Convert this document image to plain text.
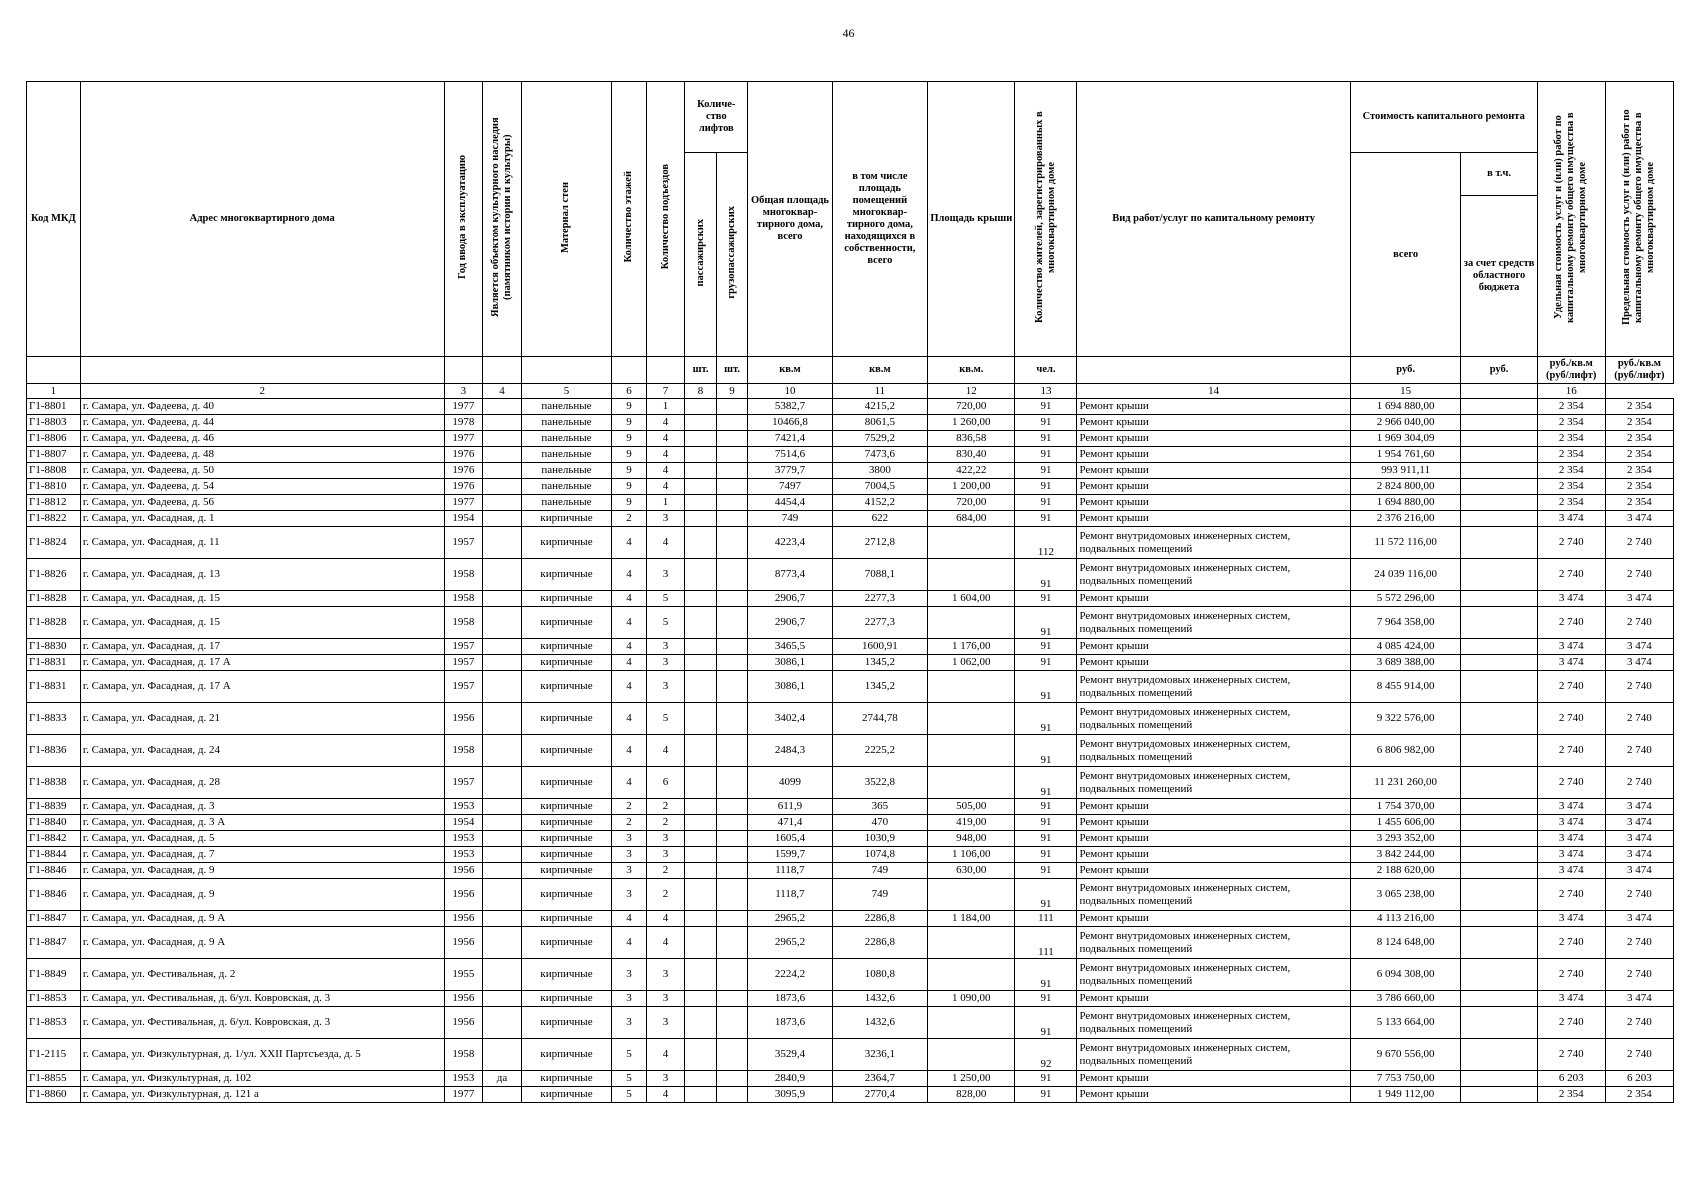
46
Код МКД	Адрес многоквартирного дома	Год ввода в эксплуатацию	Является объектом культурного наследия (памятником истории и культуры)	Материал стен	Количество этажей	Количество подъездов	Количе-ство лифтов		Общая площадь многоквар-тирного дома, всего	в том числе площадь помещений многоквар-тирного дома, находящихся в собственности, всего	Площадь крыши	Количество жителей, зарегистрированных в многоквартирном доме	Вид работ/услуг по капитальному ремонту	Стоимость капитального ремонта		Удельная стоимость услуг и (или) работ по капитальному ремонту общего имущества в многоквартирном доме	Предельная стоимость услуг и (или) работ по капитальному ремонту общего имущества в многоквартирном доме
							пассажирских	грузопассажирских						всего	в т.ч.		
															за счет средств областного бюджета		
							шт.	шт.	кв.м	кв.м	кв.м.	чел.		руб.	руб.	руб./кв.м (руб/лифт)	руб./кв.м (руб/лифт)
1	2	3	4	5	6	7	8	9	10	11	12	13	14	15		16	
Г1-8801	г. Самара, ул. Фадеева, д. 40	1977		панельные	9	1			5382,7	4215,2	720,00	91	Ремонт крыши	1 694 880,00		2 354	2 354
Г1-8803	г. Самара, ул. Фадеева, д. 44	1978		панельные	9	4			10466,8	8061,5	1 260,00	91	Ремонт крыши	2 966 040,00		2 354	2 354
Г1-8806	г. Самара, ул. Фадеева, д. 46	1977		панельные	9	4			7421,4	7529,2	836,58	91	Ремонт крыши	1 969 304,09		2 354	2 354
Г1-8807	г. Самара, ул. Фадеева, д. 48	1976		панельные	9	4			7514,6	7473,6	830,40	91	Ремонт крыши	1 954 761,60		2 354	2 354
Г1-8808	г. Самара, ул. Фадеева, д. 50	1976		панельные	9	4			3779,7	3800	422,22	91	Ремонт крыши	993 911,11		2 354	2 354
Г1-8810	г. Самара, ул. Фадеева, д. 54	1976		панельные	9	4			7497	7004,5	1 200,00	91	Ремонт крыши	2 824 800,00		2 354	2 354
Г1-8812	г. Самара, ул. Фадеева, д. 56	1977		панельные	9	1			4454,4	4152,2	720,00	91	Ремонт крыши	1 694 880,00		2 354	2 354
Г1-8822	г. Самара, ул. Фасадная, д. 1	1954		кирпичные	2	3			749	622	684,00	91	Ремонт крыши	2 376 216,00		3 474	3 474
Г1-8824	г. Самара, ул. Фасадная, д. 11	1957		кирпичные	4	4			4223,4	2712,8		112	Ремонт внутридомовых инженерных систем, подвальных помещений	11 572 116,00		2 740	2 740
Г1-8826	г. Самара, ул. Фасадная, д. 13	1958		кирпичные	4	3			8773,4	7088,1		91	Ремонт внутридомовых инженерных систем, подвальных помещений	24 039 116,00		2 740	2 740
Г1-8828	г. Самара, ул. Фасадная, д. 15	1958		кирпичные	4	5			2906,7	2277,3	1 604,00	91	Ремонт крыши	5 572 296,00		3 474	3 474
Г1-8828	г. Самара, ул. Фасадная, д. 15	1958		кирпичные	4	5			2906,7	2277,3		91	Ремонт внутридомовых инженерных систем, подвальных помещений	7 964 358,00		2 740	2 740
Г1-8830	г. Самара, ул. Фасадная, д. 17	1957		кирпичные	4	3			3465,5	1600,91	1 176,00	91	Ремонт крыши	4 085 424,00		3 474	3 474
Г1-8831	г. Самара, ул. Фасадная, д. 17 А	1957		кирпичные	4	3			3086,1	1345,2	1 062,00	91	Ремонт крыши	3 689 388,00		3 474	3 474
Г1-8831	г. Самара, ул. Фасадная, д. 17 А	1957		кирпичные	4	3			3086,1	1345,2		91	Ремонт внутридомовых инженерных систем, подвальных помещений	8 455 914,00		2 740	2 740
Г1-8833	г. Самара, ул. Фасадная, д. 21	1956		кирпичные	4	5			3402,4	2744,78		91	Ремонт внутридомовых инженерных систем, подвальных помещений	9 322 576,00		2 740	2 740
Г1-8836	г. Самара, ул. Фасадная, д. 24	1958		кирпичные	4	4			2484,3	2225,2		91	Ремонт внутридомовых инженерных систем, подвальных помещений	6 806 982,00		2 740	2 740
Г1-8838	г. Самара, ул. Фасадная, д. 28	1957		кирпичные	4	6			4099	3522,8		91	Ремонт внутридомовых инженерных систем, подвальных помещений	11 231 260,00		2 740	2 740
Г1-8839	г. Самара, ул. Фасадная, д. 3	1953		кирпичные	2	2			611,9	365	505,00	91	Ремонт крыши	1 754 370,00		3 474	3 474
Г1-8840	г. Самара, ул. Фасадная, д. 3 А	1954		кирпичные	2	2			471,4	470	419,00	91	Ремонт крыши	1 455 606,00		3 474	3 474
Г1-8842	г. Самара, ул. Фасадная, д. 5	1953		кирпичные	3	3			1605,4	1030,9	948,00	91	Ремонт крыши	3 293 352,00		3 474	3 474
Г1-8844	г. Самара, ул. Фасадная, д. 7	1953		кирпичные	3	3			1599,7	1074,8	1 106,00	91	Ремонт крыши	3 842 244,00		3 474	3 474
Г1-8846	г. Самара, ул. Фасадная, д. 9	1956		кирпичные	3	2			1118,7	749	630,00	91	Ремонт крыши	2 188 620,00		3 474	3 474
Г1-8846	г. Самара, ул. Фасадная, д. 9	1956		кирпичные	3	2			1118,7	749		91	Ремонт внутридомовых инженерных систем, подвальных помещений	3 065 238,00		2 740	2 740
Г1-8847	г. Самара, ул. Фасадная, д. 9 А	1956		кирпичные	4	4			2965,2	2286,8	1 184,00	111	Ремонт крыши	4 113 216,00		3 474	3 474
Г1-8847	г. Самара, ул. Фасадная, д. 9 А	1956		кирпичные	4	4			2965,2	2286,8		111	Ремонт внутридомовых инженерных систем, подвальных помещений	8 124 648,00		2 740	2 740
Г1-8849	г. Самара, ул. Фестивальная, д. 2	1955		кирпичные	3	3			2224,2	1080,8		91	Ремонт внутридомовых инженерных систем, подвальных помещений	6 094 308,00		2 740	2 740
Г1-8853	г. Самара, ул. Фестивальная, д. 6/ул. Ковровская, д. 3	1956		кирпичные	3	3			1873,6	1432,6	1 090,00	91	Ремонт крыши	3 786 660,00		3 474	3 474
Г1-8853	г. Самара, ул. Фестивальная, д. 6/ул. Ковровская, д. 3	1956		кирпичные	3	3			1873,6	1432,6		91	Ремонт внутридомовых инженерных систем, подвальных помещений	5 133 664,00		2 740	2 740
Г1-2115	г. Самара, ул. Физкультурная, д. 1/ул. XXII Партсъезда, д. 5	1958		кирпичные	5	4			3529,4	3236,1		92	Ремонт внутридомовых инженерных систем, подвальных помещений	9 670 556,00		2 740	2 740
Г1-8855	г. Самара, ул. Физкультурная, д. 102	1953	да	кирпичные	5	3			2840,9	2364,7	1 250,00	91	Ремонт крыши	7 753 750,00		6 203	6 203
Г1-8860	г. Самара, ул. Физкультурная, д. 121 а	1977		кирпичные	5	4			3095,9	2770,4	828,00	91	Ремонт крыши	1 949 112,00		2 354	2 354
